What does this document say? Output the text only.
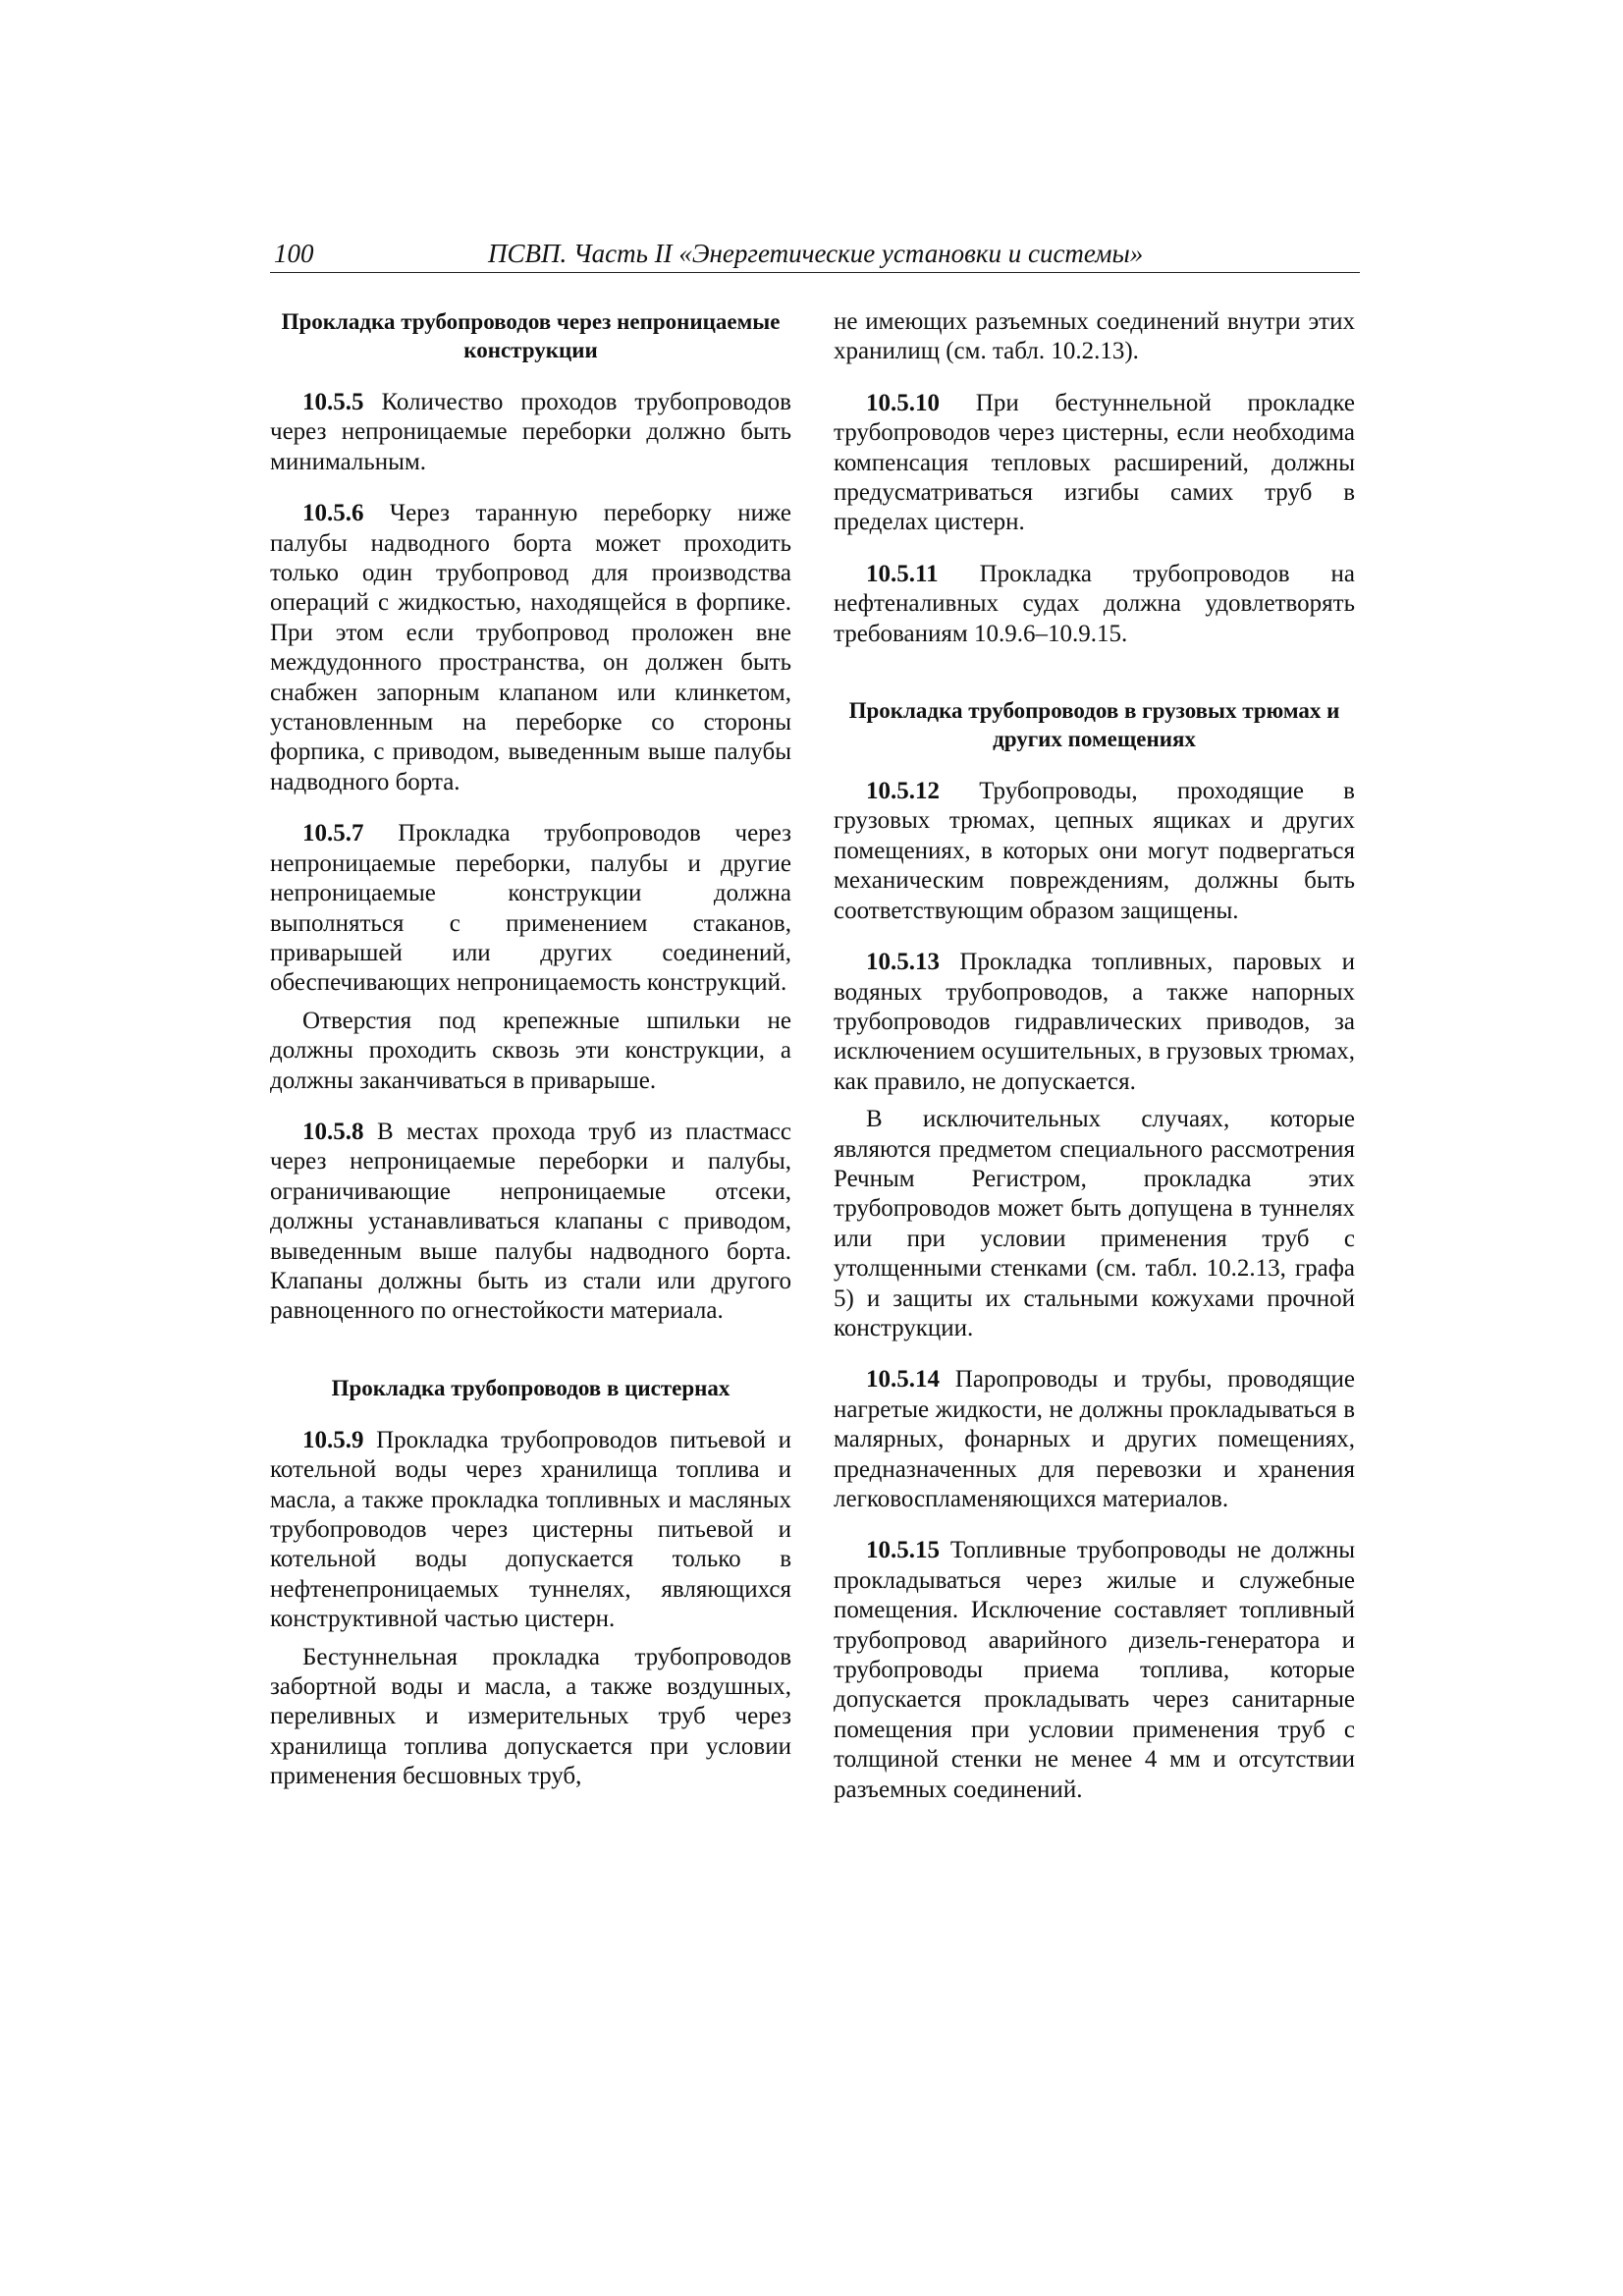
100	ПСВП. Часть II «Энергетические установки и системы»
Прокладка трубопроводов через непроницаемые конструкции

10.5.5 Количество проходов трубопроводов через непроницаемые переборки должно быть минимальным.

10.5.6 Через таранную переборку ниже палубы надводного борта может проходить только один трубопровод для производства операций с жидкостью, находящейся в форпике. При этом если трубопровод проложен вне междудонного пространства, он должен быть снабжен запорным клапаном или клинкетом, установленным на переборке со стороны форпика, с приводом, выведенным выше палубы надводного борта.

10.5.7 Прокладка трубопроводов через непроницаемые переборки, палубы и другие непроницаемые конструкции должна выполняться с применением стаканов, приварышей или других соединений, обеспечивающих непроницаемость конструкций.

Отверстия под крепежные шпильки не должны проходить сквозь эти конструкции, а должны заканчиваться в приварыше.

10.5.8 В местах прохода труб из пластмасс через непроницаемые переборки и палубы, ограничивающие непроницаемые отсеки, должны устанавливаться клапаны с приводом, выведенным выше палубы надводного борта. Клапаны должны быть из стали или другого равноценного по огнестойкости материала.

Прокладка трубопроводов в цистернах

10.5.9 Прокладка трубопроводов питьевой и котельной воды через хранилища топлива и масла, а также прокладка топливных и масляных трубопроводов через цистерны питьевой и котельной воды допускается только в нефтенепроницаемых туннелях, являющихся конструктивной частью цистерн.

Бестуннельная прокладка трубопроводов забортной воды и масла, а также воздушных, переливных и измерительных труб через хранилища топлива допускается при условии применения бесшовных труб,

не имеющих разъемных соединений внутри этих хранилищ (см. табл. 10.2.13).

10.5.10 При бестуннельной прокладке трубопроводов через цистерны, если необходима компенсация тепловых расширений, должны предусматриваться изгибы самих труб в пределах цистерн.

10.5.11 Прокладка трубопроводов на нефтеналивных судах должна удовлетворять требованиям 10.9.6–10.9.15.

Прокладка трубопроводов в грузовых трюмах и других помещениях

10.5.12 Трубопроводы, проходящие в грузовых трюмах, цепных ящиках и других помещениях, в которых они могут подвергаться механическим повреждениям, должны быть соответствующим образом защищены.

10.5.13 Прокладка топливных, паровых и водяных трубопроводов, а также напорных трубопроводов гидравлических приводов, за исключением осушительных, в грузовых трюмах, как правило, не допускается.

В исключительных случаях, которые являются предметом специального рассмотрения Речным Регистром, прокладка этих трубопроводов может быть допущена в туннелях или при условии применения труб с утолщенными стенками (см. табл. 10.2.13, графа 5) и защиты их стальными кожухами прочной конструкции.

10.5.14 Паропроводы и трубы, проводящие нагретые жидкости, не должны прокладываться в малярных, фонарных и других помещениях, предназначенных для перевозки и хранения легковоспламеняющихся материалов.

10.5.15 Топливные трубопроводы не должны прокладываться через жилые и служебные помещения. Исключение составляет топливный трубопровод аварийного дизель-генератора и трубопроводы приема топлива, которые допускается прокладывать через санитарные помещения при условии применения труб с толщиной стенки не менее 4 мм и отсутствии разъемных соединений.
